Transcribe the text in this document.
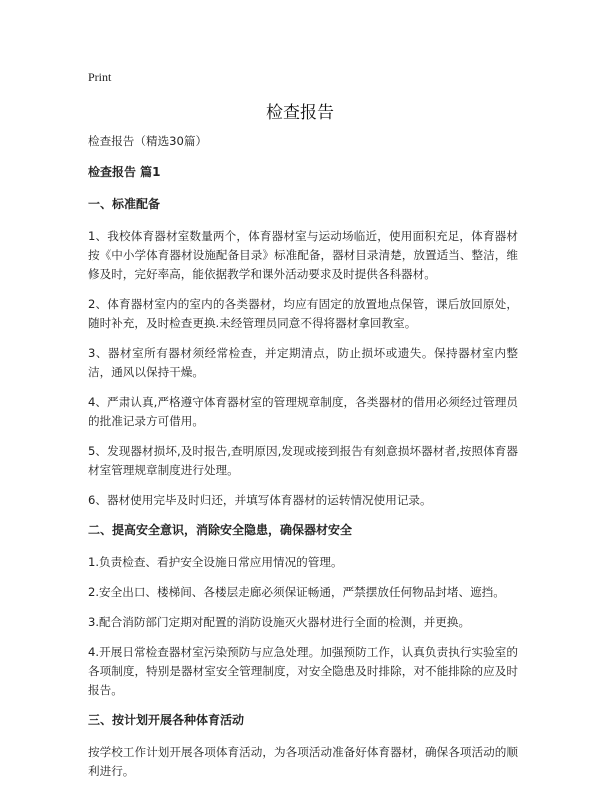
Print
检查报告

检查报告（精选30篇）

检查报告 篇1

一、标准配备

1、我校体育器材室数量两个，体育器材室与运动场临近，使用面积充足，体育器材按《中小学体育器材设施配备目录》标准配备，器材目录清楚，放置适当、整洁，维修及时，完好率高，能依据教学和课外活动要求及时提供各科器材。

2、体育器材室内的室内的各类器材，均应有固定的放置地点保管，课后放回原处，随时补充，及时检查更换.未经管理员同意不得将器材拿回教室。

3、器材室所有器材须经常检查，并定期清点，防止损坏或遗失。保持器材室内整洁，通风以保持干燥。

4、严肃认真,严格遵守体育器材室的管理规章制度，各类器材的借用必须经过管理员的批准记录方可借用。

5、发现器材损坏,及时报告,查明原因,发现或接到报告有刻意损坏器材者,按照体育器材室管理规章制度进行处理。

6、器材使用完毕及时归还，并填写体育器材的运转情况使用记录。

二、提高安全意识，消除安全隐患，确保器材安全

1.负责检查、看护安全设施日常应用情况的管理。

2.安全出口、楼梯间、各楼层走廊必须保证畅通，严禁摆放任何物品封堵、遮挡。

3.配合消防部门定期对配置的消防设施灭火器材进行全面的检测，并更换。

4.开展日常检查器材室污染预防与应急处理。加强预防工作，认真负责执行实验室的各项制度，特别是器材室安全管理制度，对安全隐患及时排除，对不能排除的应及时报告。

三、按计划开展各种体育活动

按学校工作计划开展各项体育活动，为各项活动准备好体育器材，确保各项活动的顺利进行。
